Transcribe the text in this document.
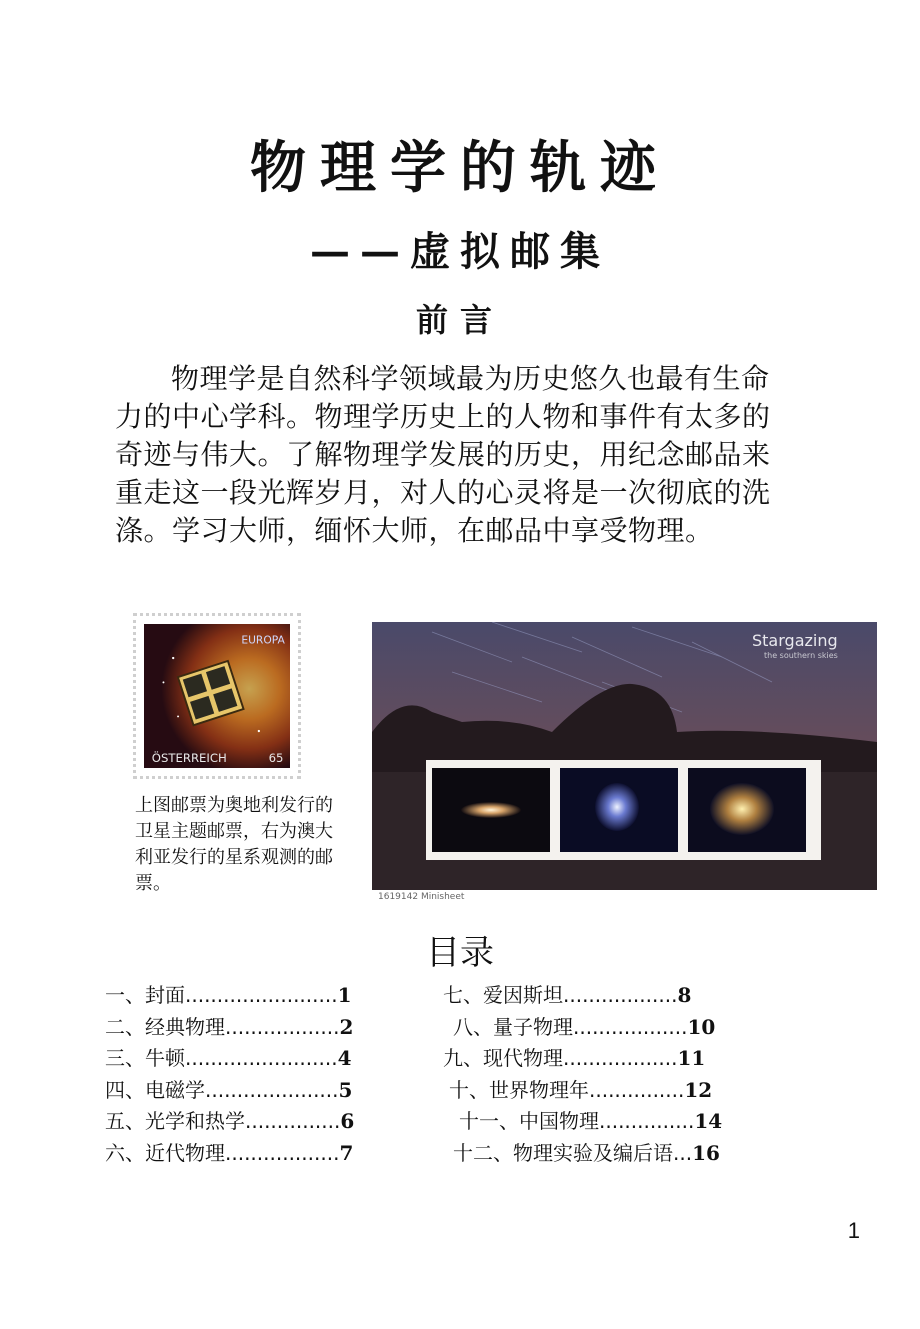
物理学的轨迹
——虚拟邮集
前言

物理学是自然科学领域最为历史悠久也最有生命力的中心学科。物理学历史上的人物和事件有太多的奇迹与伟大。了解物理学发展的历史，用纪念邮品来重走这一段光辉岁月，对人的心灵将是一次彻底的洗涤。学习大师，缅怀大师，在邮品中享受物理。

EUROPA
ÖSTERREICH	65

上图邮票为奥地利发行的卫星主题邮票，右为澳大利亚发行的星系观测的邮票。

Stargazing
the southern skies
1619142 Minisheet
目录
一、封面........................1
二、经典物理..................2
三、牛顿........................4
四、电磁学.....................5
五、光学和热学...............6
六、近代物理..................7
七、爱因斯坦..................8
八、量子物理..................10
九、现代物理..................11
十、世界物理年...............12
十一、中国物理...............14
十二、物理实验及编后语...16
1
